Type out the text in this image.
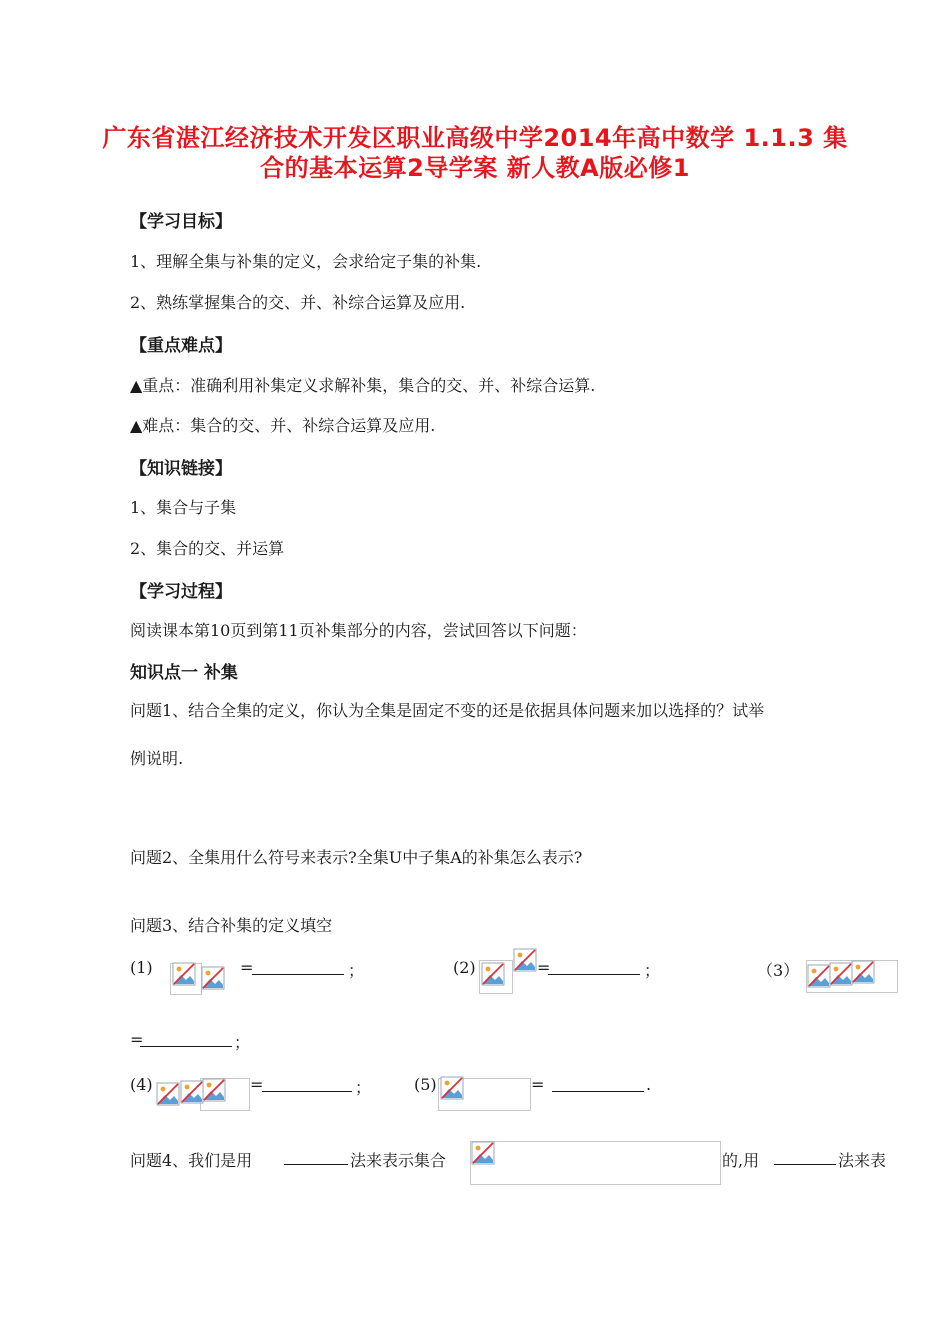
广东省湛江经济技术开发区职业高级中学2014年高中数学 1.1.3 集
合的基本运算2导学案 新人教A版必修1
【学习目标】
1、理解全集与补集的定义，会求给定子集的补集.
2、熟练掌握集合的交、并、补综合运算及应用.
【重点难点】
▲重点：准确利用补集定义求解补集，集合的交、并、补综合运算.
▲难点：集合的交、并、补综合运算及应用.
【知识链接】
1、集合与子集
2、集合的交、并运算
【学习过程】
阅读课本第10页到第11页补集部分的内容，尝试回答以下问题：
知识点一 补集
问题1、结合全集的定义，你认为全集是固定不变的还是依据具体问题来加以选择的？试举
例说明.
问题2、全集用什么符号来表示?全集U中子集A的补集怎么表示?
问题3、结合补集的定义填空
(1)	=	；	(2)	=	；	（3）
=	；
(4)	=	；	(5)	=	.
问题4、我们是用	法来表示集合	的,用	法来表
